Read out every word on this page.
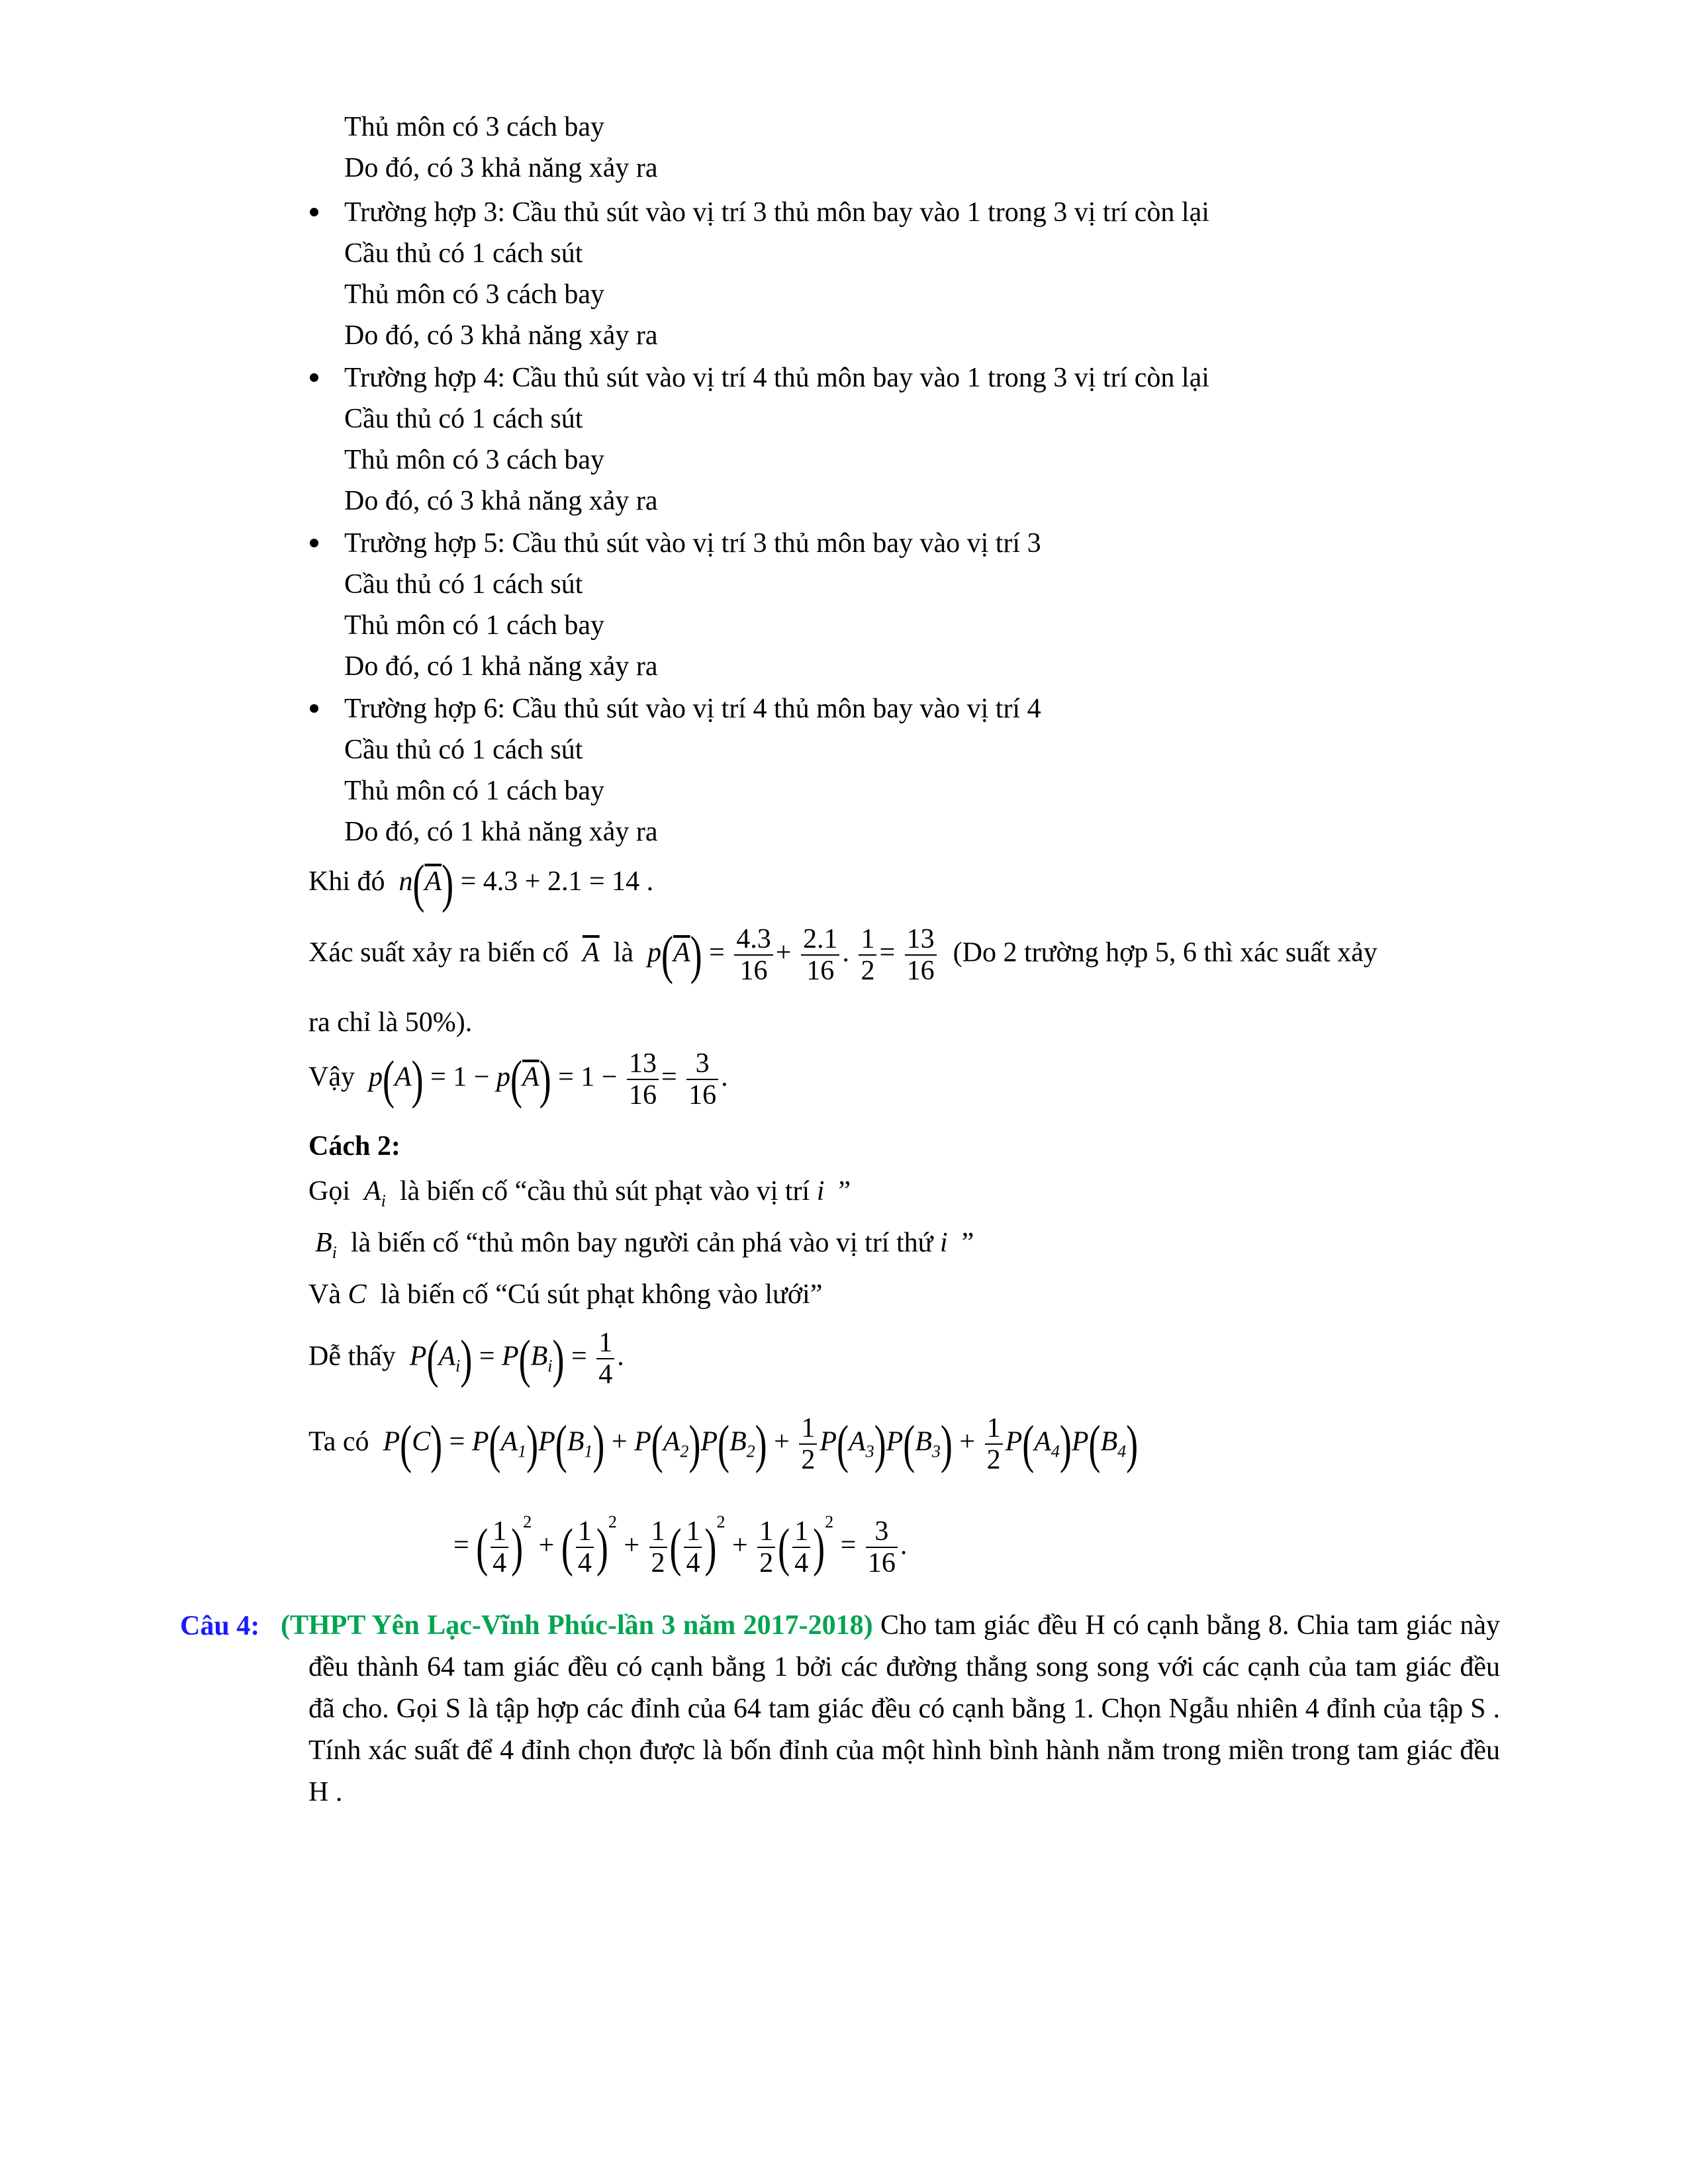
Thủ môn có 3 cách bay
Do đó, có 3 khả năng xảy ra
Trường hợp 3: Cầu thủ sút vào vị trí 3 thủ môn bay vào 1 trong 3 vị trí còn lại
Cầu thủ có 1 cách sút
Thủ môn có 3 cách bay
Do đó, có 3 khả năng xảy ra
Trường hợp 4: Cầu thủ sút vào vị trí 4 thủ môn bay vào 1 trong 3 vị trí còn lại
Cầu thủ có 1 cách sút
Thủ môn có 3 cách bay
Do đó, có 3 khả năng xảy ra
Trường hợp 5: Cầu thủ sút vào vị trí 3 thủ môn bay vào vị trí 3
Cầu thủ có 1 cách sút
Thủ môn có 1 cách bay
Do đó, có 1 khả năng xảy ra
Trường hợp 6: Cầu thủ sút vào vị trí 4 thủ môn bay vào vị trí 4
Cầu thủ có 1 cách sút
Thủ môn có 1 cách bay
Do đó, có 1 khả năng xảy ra
Khi đó $n(\overline{A}) = 4.3 + 2.1 = 14$ .
Xác suất xảy ra biến cố $\overline{A}$ là $p(\overline{A}) = \frac{4.3}{16} + \frac{2.1}{16}$ . $\frac{1}{2} = \frac{13}{16} (Do$ 2 trường hợp 5, 6 thì xác suất xảy
ra chỉ là 50%).
Vậy $p(A) = 1 - p(\overline{A}) = 1 - \frac{13}{16} = \frac{3}{16}$ .
Cách 2:
Gọi $A_i$ là biến cố “cầu thủ sút phạt vào vị trí i  ”
$B_i$ là biến cố “thủ môn bay người cản phá vào vị trí thứ i  ”
Và C là biến cố “Cú sút phạt không vào lưới”
Dễ thấy $P(A_i) = P(B_i) = \frac{1}{4}$ .
Ta có $P(C) = P(A_1)P(B_1) + P(A_2)P(B_2) + \frac{1}{2} P(A_3)P(B_3) + \frac{1}{2} P(A_4)P(B_4)$
= ( $\frac{1}{4} )^2$ + ( $\frac{1}{4} )^2 + \frac{1}{2}$ ( $\frac{1}{4} )^2 + \frac{1}{2}$ ( $\frac{1}{4} )^2 = \frac{3}{16}$ .
Câu 4: (THPT Yên Lạc-Vĩnh Phúc-lần 3 năm 2017-2018) Cho tam giác đều H có cạnh bằng 8. Chia tam giác này đều thành 64 tam giác đều có cạnh bằng 1 bởi các đường thẳng song song với các cạnh của tam giác đều đã cho. Gọi S là tập hợp các đỉnh của 64 tam giác đều có cạnh bằng 1. Chọn Ngẫu nhiên 4 đỉnh của tập S . Tính xác suất để 4 đỉnh chọn được là bốn đỉnh của một hình bình hành nằm trong miền trong tam giác đều H .
